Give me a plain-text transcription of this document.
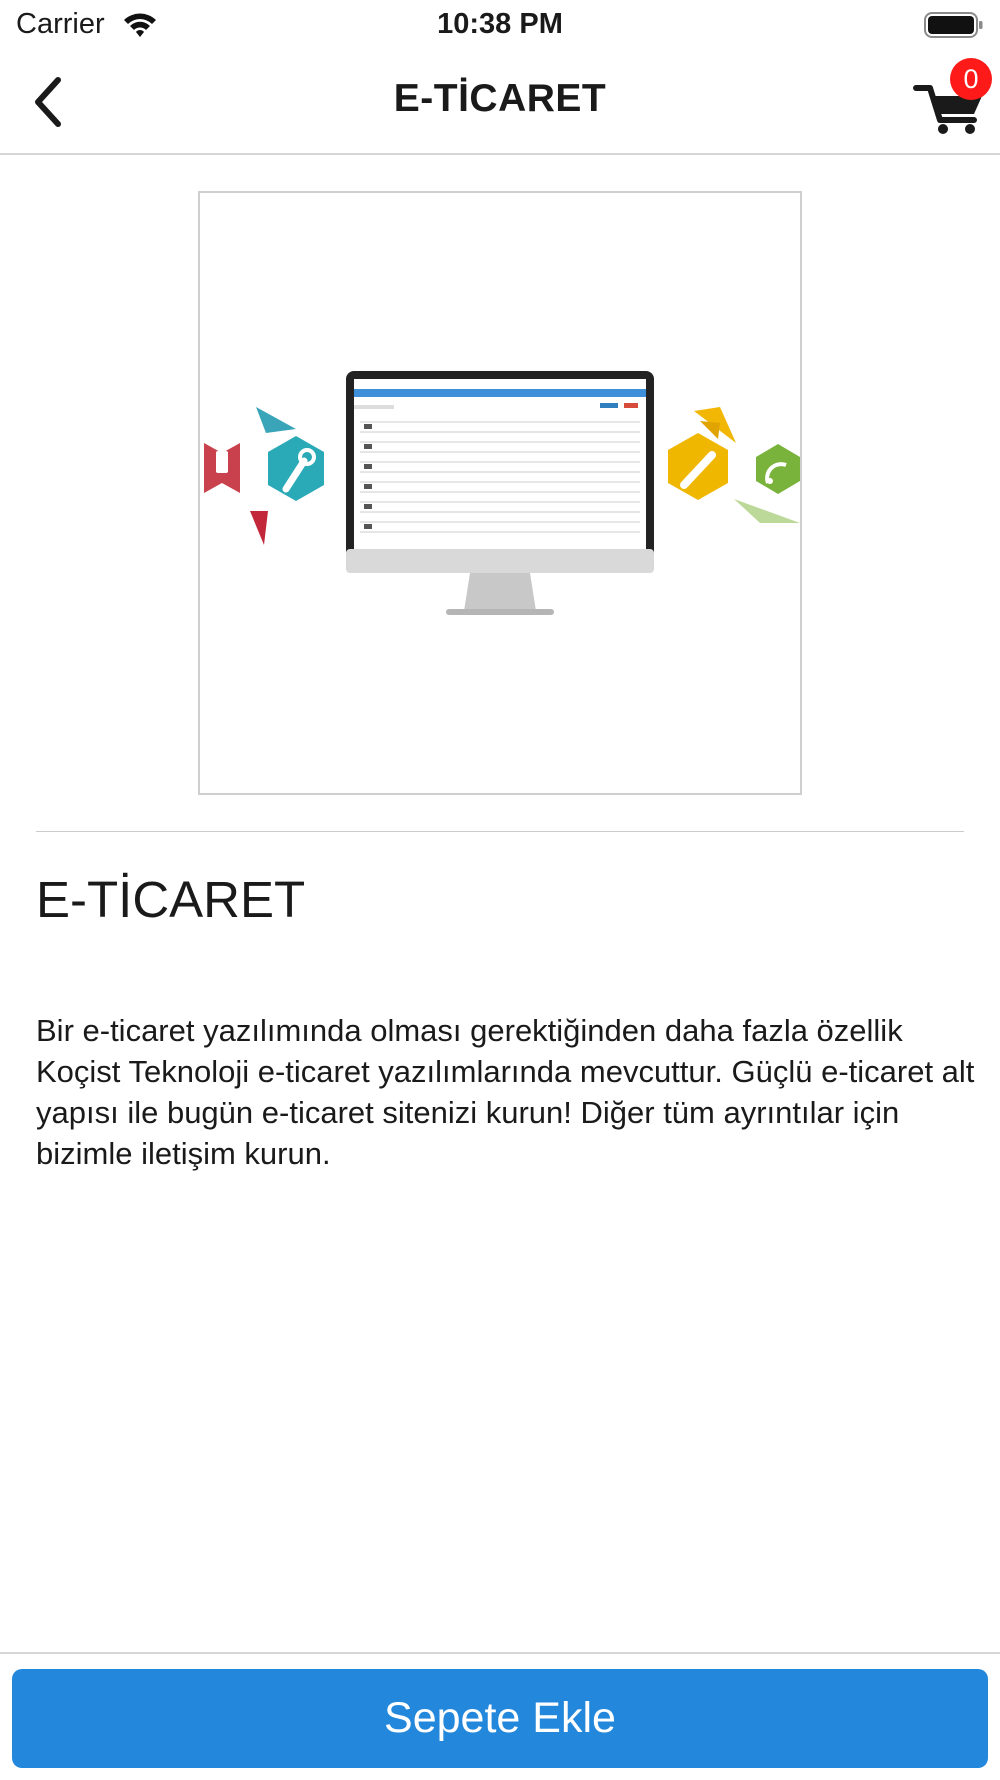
Carrier	10:38 PM
E-TİCARET	0
E-TİCARET

Bir e-ticaret yazılımında olması gerektiğinden daha fazla özellik Koçist Teknoloji e-ticaret yazılımlarında mevcuttur. Güçlü e-ticaret alt yapısı ile bugün e-ticaret sitenizi kurun! Diğer tüm ayrıntılar için bizimle iletişim kurun.

Sepete Ekle
